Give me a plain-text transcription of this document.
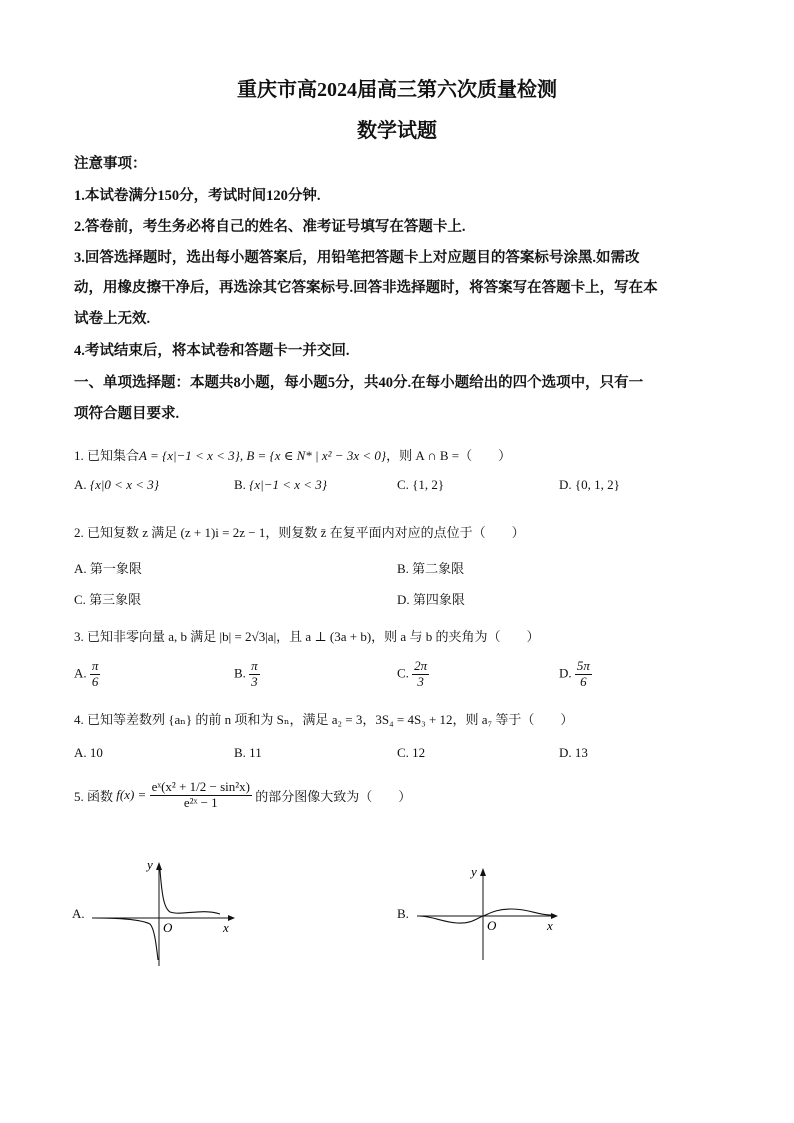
重庆市高2024届高三第六次质量检测
数学试题
注意事项：
1.本试卷满分150分，考试时间120分钟.
2.答卷前，考生务必将自己的姓名、准考证号填写在答题卡上.
3.回答选择题时，选出每小题答案后，用铅笔把答题卡上对应题目的答案标号涂黑.如需改
动，用橡皮擦干净后，再选涂其它答案标号.回答非选择题时，将答案写在答题卡上，写在本
试卷上无效.
4.考试结束后，将本试卷和答题卡一并交回.
一、单项选择题：本题共8小题，每小题5分，共40分.在每小题给出的四个选项中，只有一
项符合题目要求.
1. 已知集合A = {x|−1 < x < 3}, B = {x ∈ N* | x² − 3x < 0}，则 A ∩ B =（　　）
A. {x|0 < x < 3}	B. {x|−1 < x < 3}	C. {1, 2}	D. {0, 1, 2}
2. 已知复数 z 满足 (z + 1)i = 2z − 1，则复数 z̄ 在复平面内对应的点位于（　　）
A. 第一象限	B. 第二象限
C. 第三象限	D. 第四象限
3. 已知非零向量 a, b 满足 |b| = 2√3|a|，且 a ⊥ (3a + b)，则 a 与 b 的夹角为（　　）
A. $\frac{\pi}{6}$	B. $\frac{\pi}{3}$	C. $\frac{2\pi}{3}$	D. $\frac{5\pi}{6}$
4. 已知等差数列 {aₙ} 的前 n 项和为 Sₙ，满足 a₂ = 3，3S₄ = 4S₃ + 12，则 a₇ 等于（　　）
A. 10	B. 11	C. 12	D. 13
5. 函数
f(x) =
$\frac{\text{eˣ(x² + 1/2 − sin²x)}}{\text{e²ˣ − 1}}$
的部分图像大致为（　　）
A.
x
y
O
B.
x
y
O
